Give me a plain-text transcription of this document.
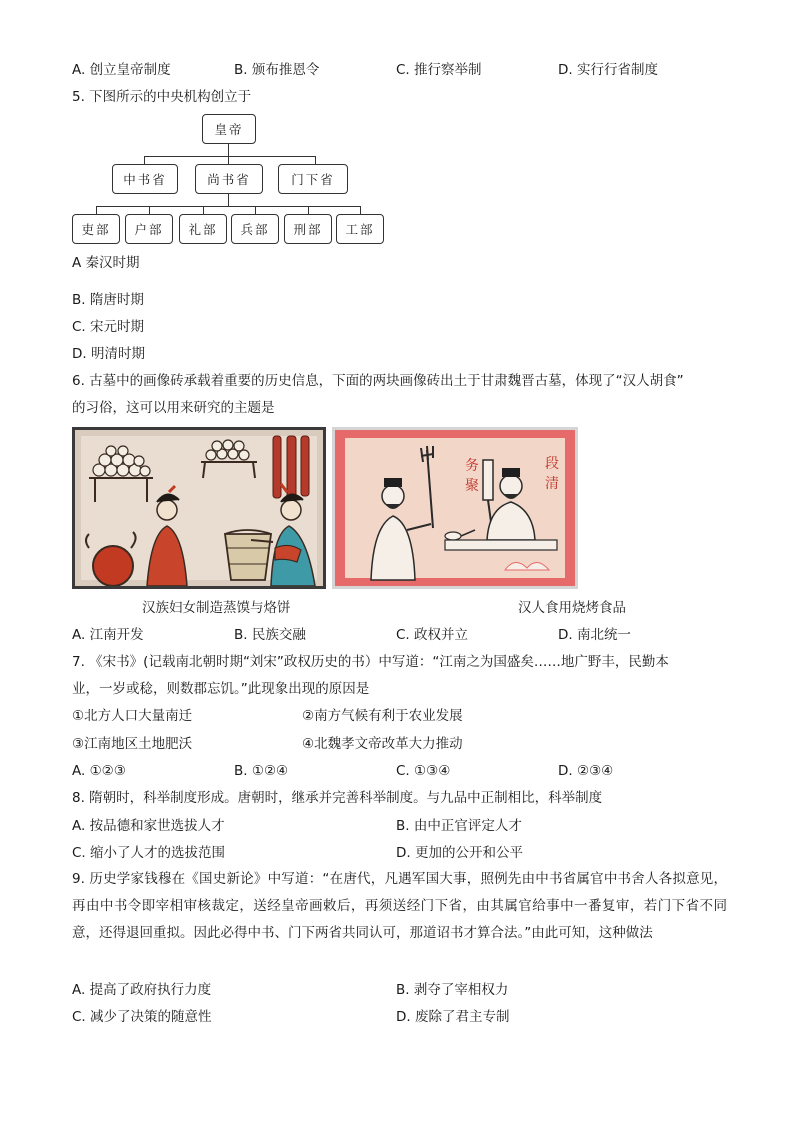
A. 创立皇帝制度	B. 颁布推恩令	C. 推行察举制	D. 实行行省制度
5. 下图所示的中央机构创立于
皇帝
中书省	尚书省	门下省
吏部	户部	礼部	兵部	刑部	工部
A 秦汉时期
B. 隋唐时期
C. 宋元时期
D. 明清时期
6. 古墓中的画像砖承载着重要的历史信息，下面的两块画像砖出土于甘肃魏晋古墓，体现了“汉人胡食”
的习俗，这可以用来研究的主题是
务
聚
段
清
汉族妇女制造蒸馍与烙饼	汉人食用烧烤食品
A. 江南开发	B. 民族交融	C. 政权并立	D. 南北统一
7. 《宋书》(记载南北朝时期“刘宋”政权历史的书）中写道：“江南之为国盛矣……地广野丰，民勤本
业，一岁或稔，则数郡忘饥。”此现象出现的原因是
①北方人口大量南迁	②南方气候有利于农业发展
③江南地区土地肥沃	④北魏孝文帝改革大力推动
A. ①②③	B. ①②④	C. ①③④	D. ②③④
8. 隋朝时，科举制度形成。唐朝时，继承并完善科举制度。与九品中正制相比，科举制度
A. 按品德和家世选拔人才	B. 由中正官评定人才
C. 缩小了人才的选拔范围	D. 更加的公开和公平
9. 历史学家钱穆在《国史新论》中写道：“在唐代，凡遇军国大事，照例先由中书省属官中书舍人各拟意见，再由中书令即宰相审核裁定，送经皇帝画敕后，再须送经门下省，由其属官给事中一番复审，若门下省不同意，还得退回重拟。因此必得中书、门下两省共同认可，那道诏书才算合法。”由此可知，这种做法
A. 提高了政府执行力度	B. 剥夺了宰相权力
C. 减少了决策的随意性	D. 废除了君主专制
